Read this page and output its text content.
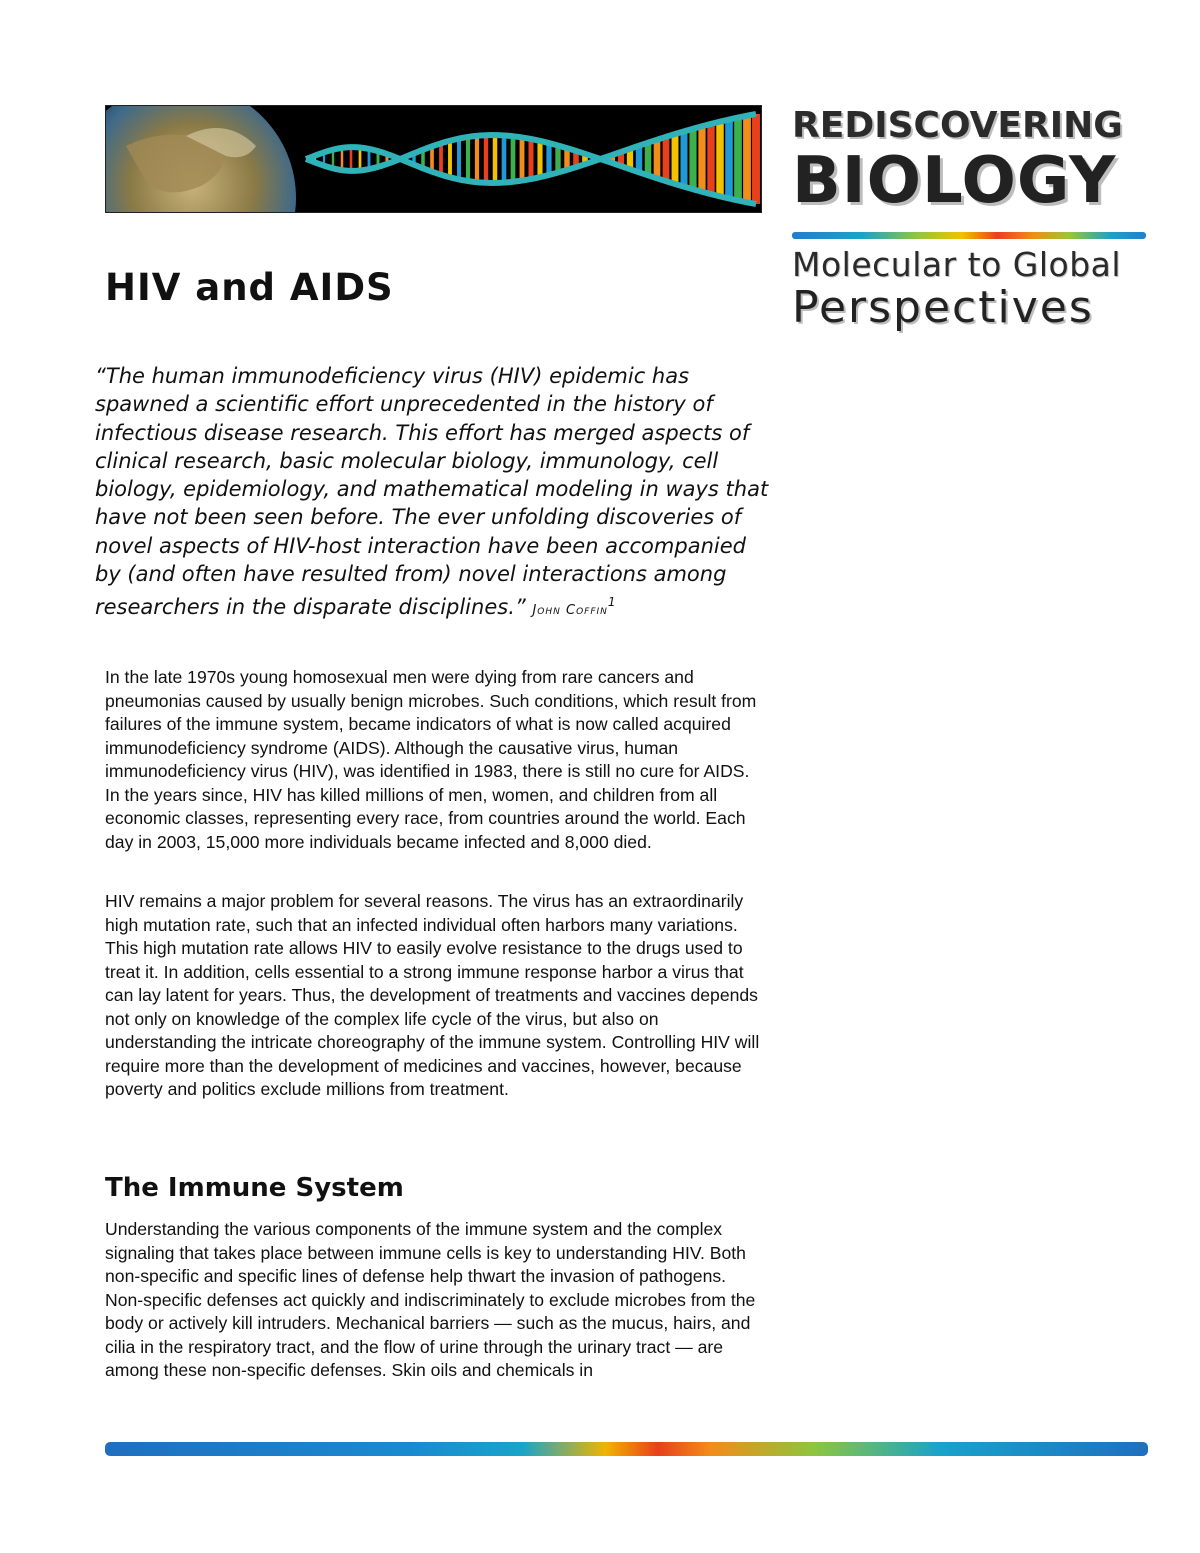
REDISCOVERING
BIOLOGY
Molecular to Global
Perspectives
HIV and AIDS

“The human immunodeficiency virus (HIV) epidemic has spawned a scientific effort unprecedented in the history of infectious disease research. This effort has merged aspects of clinical research, basic molecular biology, immunology, cell biology, epidemiology, and mathematical modeling in ways that have not been seen before. The ever unfolding discoveries of novel aspects of HIV-host interaction have been accompanied by (and often have resulted from) novel interactions among researchers in the disparate disciplines.” John Coffin$^1$

In the late 1970s young homosexual men were dying from rare cancers and pneumonias caused by usually benign microbes. Such conditions, which result from failures of the immune system, became indicators of what is now called acquired immunodeficiency syndrome (AIDS). Although the causative virus, human immunodeficiency virus (HIV), was identified in 1983, there is still no cure for AIDS. In the years since, HIV has killed millions of men, women, and children from all economic classes, representing every race, from countries around the world. Each day in 2003, 15,000 more individuals became infected and 8,000 died.
HIV remains a major problem for several reasons. The virus has an extraordinarily high mutation rate, such that an infected individual often harbors many variations. This high mutation rate allows HIV to easily evolve resistance to the drugs used to treat it. In addition, cells essential to a strong immune response harbor a virus that can lay latent for years. Thus, the development of treatments and vaccines depends not only on knowledge of the complex life cycle of the virus, but also on understanding the intricate choreography of the immune system. Controlling HIV will require more than the development of medicines and vaccines, however, because poverty and politics exclude millions from treatment.
The Immune System
Understanding the various components of the immune system and the complex signaling that takes place between immune cells is key to understanding HIV. Both non-specific and specific lines of defense help thwart the invasion of pathogens. Non-specific defenses act quickly and indiscriminately to exclude microbes from the body or actively kill intruders. Mechanical barriers — such as the mucus, hairs, and cilia in the respiratory tract, and the flow of urine through the urinary tract — are among these non-specific defenses. Skin oils and chemicals in
